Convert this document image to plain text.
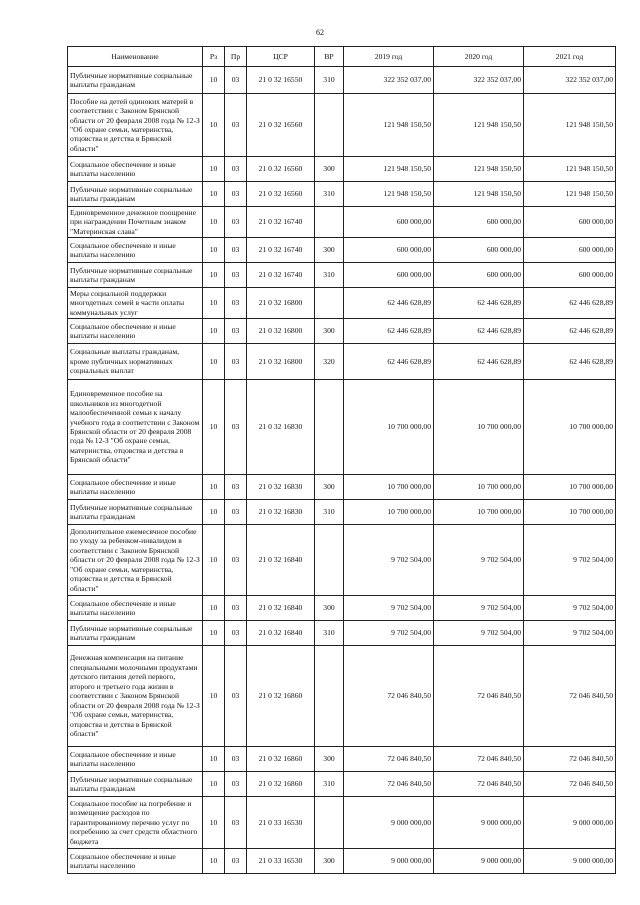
62
Наименование	Рз	Пр	ЦСР	ВР	2019 год	2020 год	2021 год
Публичные нормативные социальные выплаты гражданам	10	03	21 0 32 16550	310	322 352 037,00	322 352 037,00	322 352 037,00
Пособие на детей одиноких матерей в соответствии с Законом Брянской области от 20 февраля 2008 года № 12-З "Об охране семьи, материнства, отцовства и детства в Брянской области"	10	03	21 0 32 16560		121 948 150,50	121 948 150,50	121 948 150,50
Социальное обеспечение и иные выплаты населению	10	03	21 0 32 16560	300	121 948 150,50	121 948 150,50	121 948 150,50
Публичные нормативные социальные выплаты гражданам	10	03	21 0 32 16560	310	121 948 150,50	121 948 150,50	121 948 150,50
Единовременное денежное поощрение при награждении Почетным знаком "Материнская слава"	10	03	21 0 32 16740		600 000,00	600 000,00	600 000,00
Социальное обеспечение и иные выплаты населению	10	03	21 0 32 16740	300	600 000,00	600 000,00	600 000,00
Публичные нормативные социальные выплаты гражданам	10	03	21 0 32 16740	310	600 000,00	600 000,00	600 000,00
Меры социальной поддержки многодетных семей в части оплаты коммунальных услуг	10	03	21 0 32 16800		62 446 628,89	62 446 628,89	62 446 628,89
Социальное обеспечение и иные выплаты населению	10	03	21 0 32 16800	300	62 446 628,89	62 446 628,89	62 446 628,89
Социальные выплаты гражданам, кроме публичных нормативных социальных выплат	10	03	21 0 32 16800	320	62 446 628,89	62 446 628,89	62 446 628,89
Единовременное пособие на школьников из многодетной малообеспеченной семьи к началу учебного года в соответствии с Законом Брянской области от 20 февраля 2008 года № 12-З "Об охране семьи, материнства, отцовства и детства в Брянской области"	10	03	21 0 32 16830		10 700 000,00	10 700 000,00	10 700 000,00
Социальное обеспечение и иные выплаты населению	10	03	21 0 32 16830	300	10 700 000,00	10 700 000,00	10 700 000,00
Публичные нормативные социальные выплаты гражданам	10	03	21 0 32 16830	310	10 700 000,00	10 700 000,00	10 700 000,00
Дополнительное ежемесячное пособие по уходу за ребенком-инвалидом в соответствии с Законом Брянской области от 20 февраля 2008 года № 12-З "Об охране семьи, материнства, отцовства и детства в Брянской области"	10	03	21 0 32 16840		9 702 504,00	9 702 504,00	9 702 504,00
Социальное обеспечение и иные выплаты населению	10	03	21 0 32 16840	300	9 702 504,00	9 702 504,00	9 702 504,00
Публичные нормативные социальные выплаты гражданам	10	03	21 0 32 16840	310	9 702 504,00	9 702 504,00	9 702 504,00
Денежная компенсация на питание специальными молочными продуктами детского питания детей первого, второго и третьего года жизни в соответствии с Законом Брянской области от 20 февраля 2008 года № 12-З "Об охране семьи, материнства, отцовства и детства в Брянской области"	10	03	21 0 32 16860		72 046 840,50	72 046 840,50	72 046 840,50
Социальное обеспечение и иные выплаты населению	10	03	21 0 32 16860	300	72 046 840,50	72 046 840,50	72 046 840,50
Публичные нормативные социальные выплаты гражданам	10	03	21 0 32 16860	310	72 046 840,50	72 046 840,50	72 046 840,50
Социальное пособие на погребение и возмещение расходов по гарантированному перечню услуг по погребению за счет средств областного бюджета	10	03	21 0 33 16530		9 000 000,00	9 000 000,00	9 000 000,00
Социальное обеспечение и иные выплаты населению	10	03	21 0 33 16530	300	9 000 000,00	9 000 000,00	9 000 000,00
